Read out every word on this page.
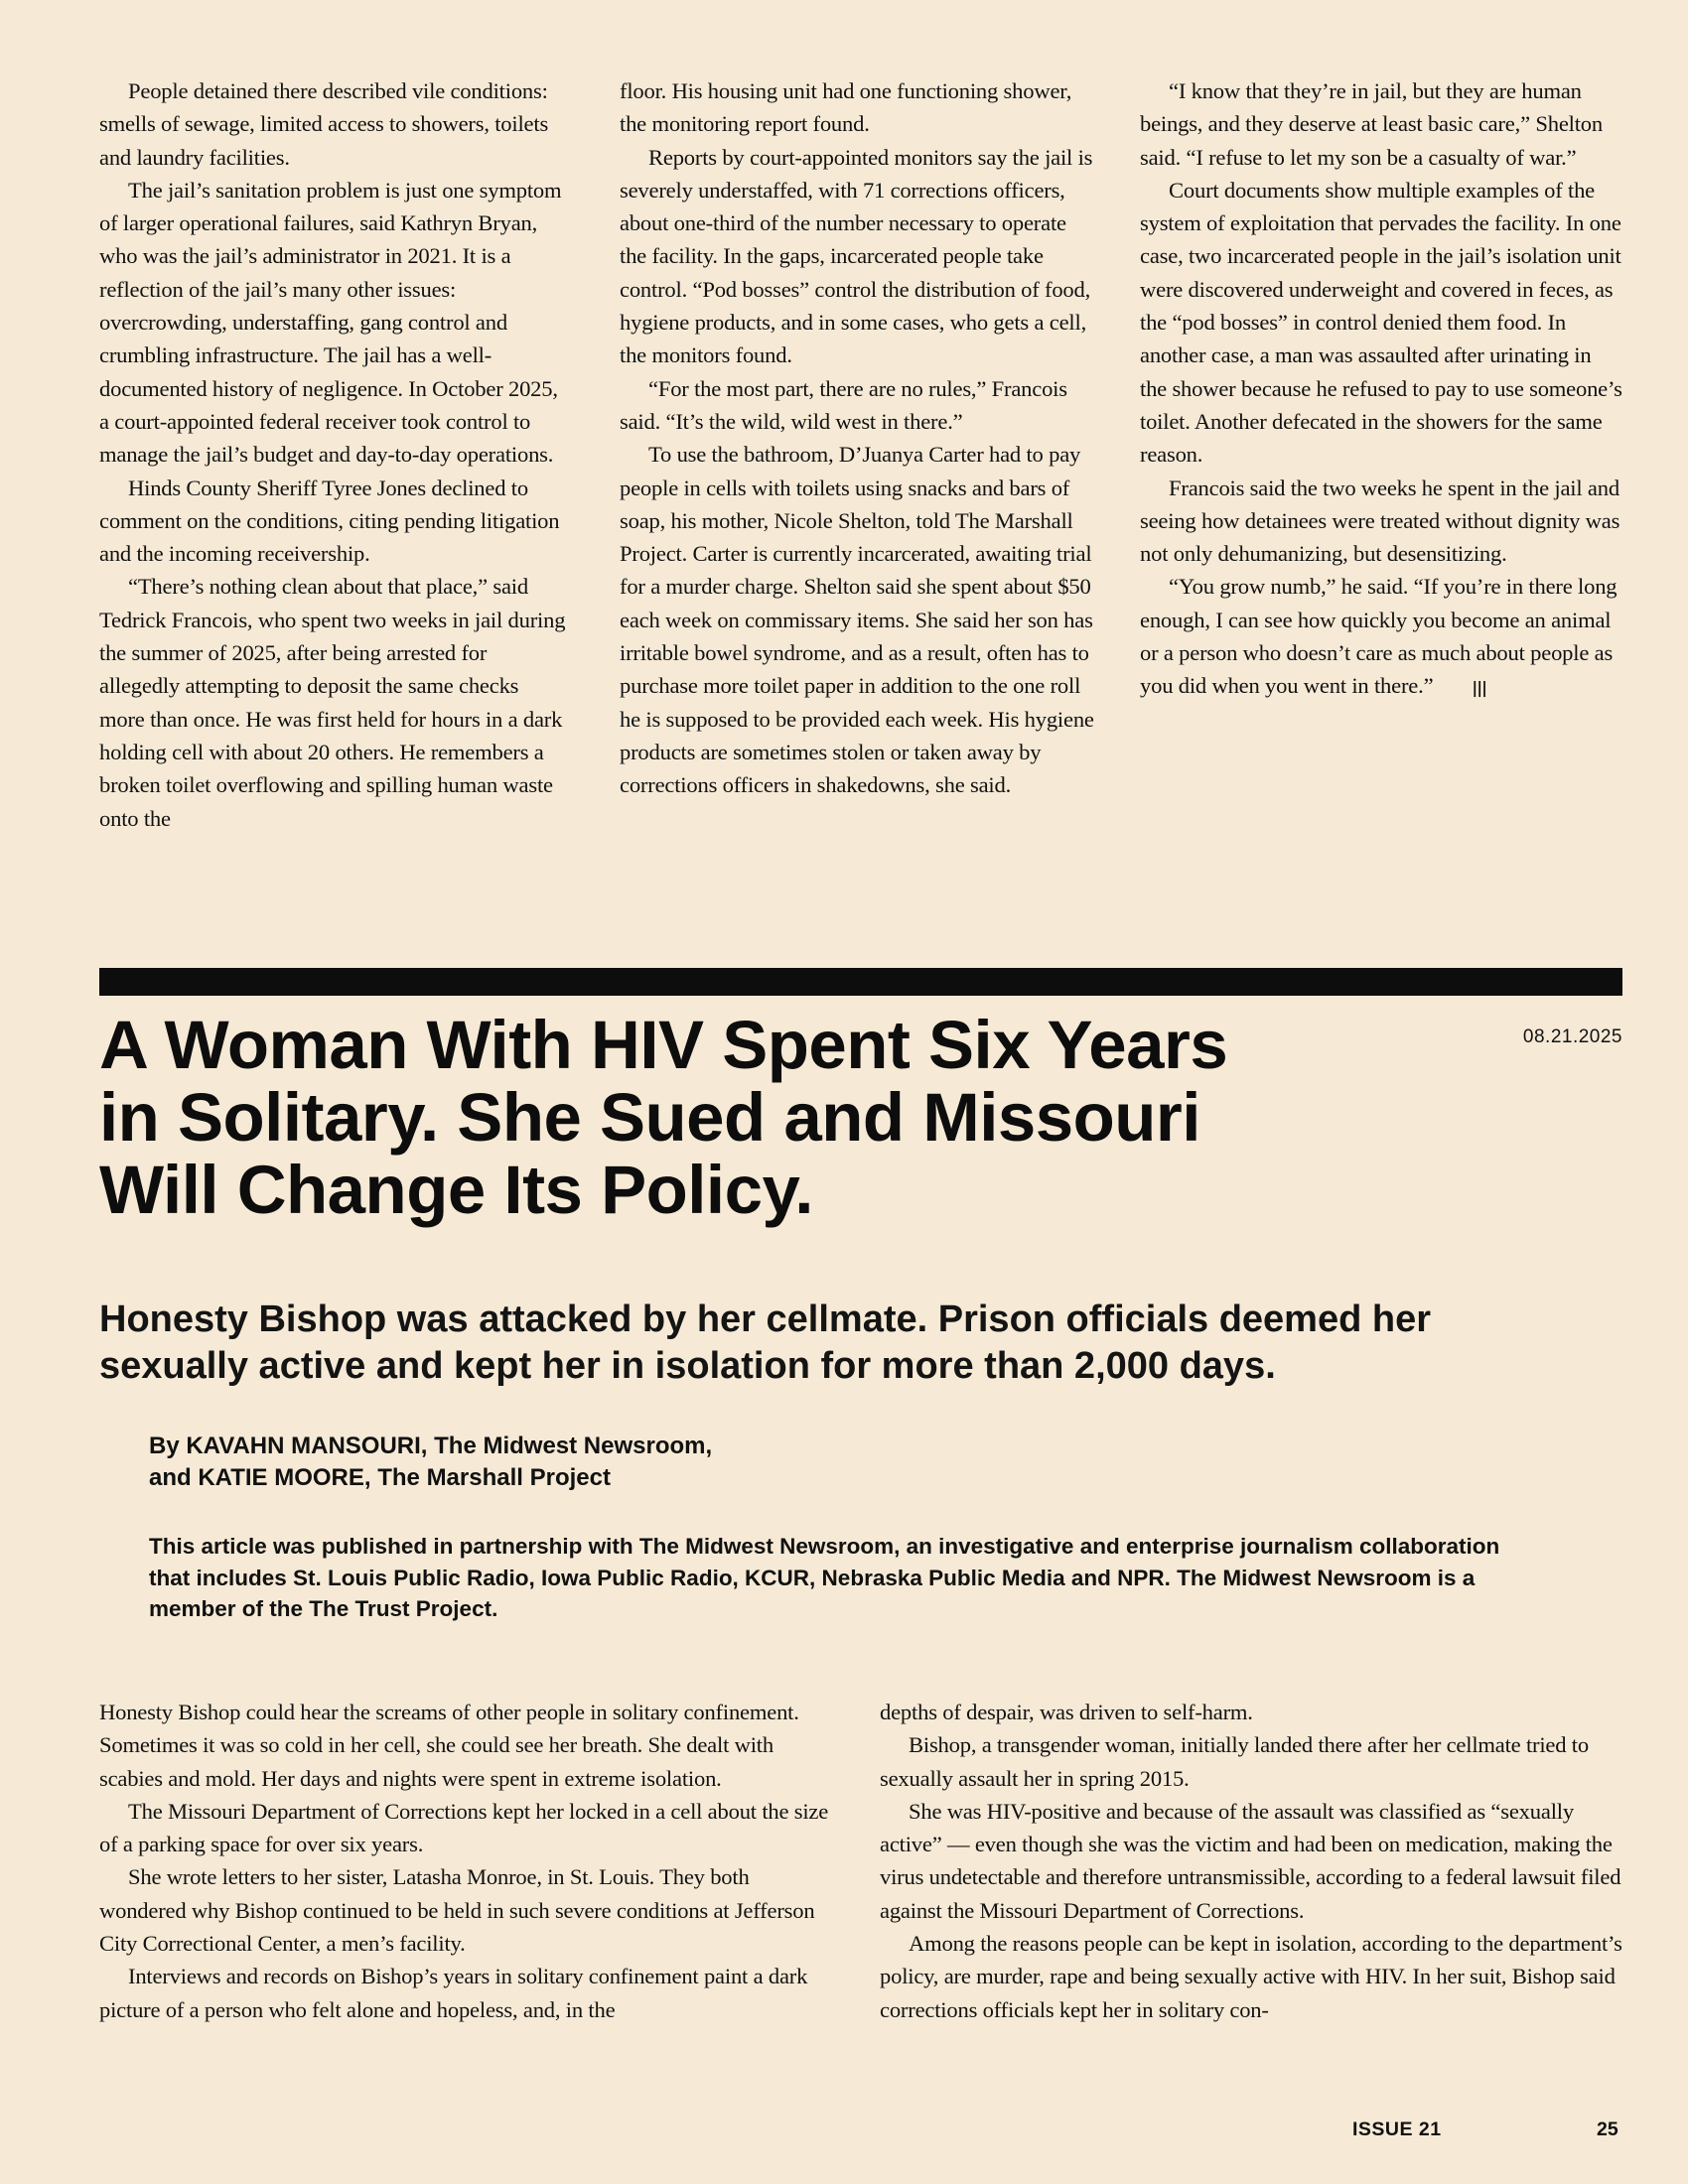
People detained there described vile conditions: smells of sewage, limited access to showers, toilets and laundry facilities.

The jail’s sanitation problem is just one symptom of larger operational failures, said Kathryn Bryan, who was the jail’s administrator in 2021. It is a reflection of the jail’s many other issues: overcrowding, understaffing, gang control and crumbling infrastructure. The jail has a well-documented history of negligence. In October 2025, a court-appointed federal receiver took control to manage the jail’s budget and day-to-day operations.

Hinds County Sheriff Tyree Jones declined to comment on the conditions, citing pending litigation and the incoming receivership.

“There’s nothing clean about that place,” said Tedrick Francois, who spent two weeks in jail during the summer of 2025, after being arrested for allegedly attempting to deposit the same checks more than once. He was first held for hours in a dark holding cell with about 20 others. He remembers a broken toilet overflowing and spilling human waste onto the

floor. His housing unit had one functioning shower, the monitoring report found.

Reports by court-appointed monitors say the jail is severely understaffed, with 71 corrections officers, about one-third of the number necessary to operate the facility. In the gaps, incarcerated people take control. “Pod bosses” control the distribution of food, hygiene products, and in some cases, who gets a cell, the monitors found.

“For the most part, there are no rules,” Francois said. “It’s the wild, wild west in there.”

To use the bathroom, D’Juanya Carter had to pay people in cells with toilets using snacks and bars of soap, his mother, Nicole Shelton, told The Marshall Project. Carter is currently incarcerated, awaiting trial for a murder charge. Shelton said she spent about $50 each week on commissary items. She said her son has irritable bowel syndrome, and as a result, often has to purchase more toilet paper in addition to the one roll he is supposed to be provided each week. His hygiene products are sometimes stolen or taken away by corrections officers in shakedowns, she said.

“I know that they’re in jail, but they are human beings, and they deserve at least basic care,” Shelton said. “I refuse to let my son be a casualty of war.”

Court documents show multiple examples of the system of exploitation that pervades the facility. In one case, two incarcerated people in the jail’s isolation unit were discovered underweight and covered in feces, as the “pod bosses” in control denied them food. In another case, a man was assaulted after urinating in the shower because he refused to pay to use someone’s toilet. Another defecated in the showers for the same reason.

Francois said the two weeks he spent in the jail and seeing how detainees were treated without dignity was not only dehumanizing, but desensitizing.

“You grow numb,” he said. “If you’re in there long enough, I can see how quickly you become an animal or a person who doesn’t care as much about people as you did when you went in there.” |||

A Woman With HIV Spent Six Years
in Solitary. She Sued and Missouri
Will Change Its Policy.
08.21.2025

Honesty Bishop was attacked by her cellmate. Prison officials deemed her sexually active and kept her in isolation for more than 2,000 days.

By KAVAHN MANSOURI, The Midwest Newsroom,
and KATIE MOORE, The Marshall Project

This article was published in partnership with The Midwest Newsroom, an investigative and enterprise journalism collaboration that includes St. Louis Public Radio, Iowa Public Radio, KCUR, Nebraska Public Media and NPR. The Midwest Newsroom is a member of the The Trust Project.

Honesty Bishop could hear the screams of other people in solitary confinement. Sometimes it was so cold in her cell, she could see her breath. She dealt with scabies and mold. Her days and nights were spent in extreme isolation.

The Missouri Department of Corrections kept her locked in a cell about the size of a parking space for over six years.

She wrote letters to her sister, Latasha Monroe, in St. Louis. They both wondered why Bishop continued to be held in such severe conditions at Jefferson City Correctional Center, a men’s facility.

Interviews and records on Bishop’s years in solitary confinement paint a dark picture of a person who felt alone and hopeless, and, in the

depths of despair, was driven to self-harm.

Bishop, a transgender woman, initially landed there after her cellmate tried to sexually assault her in spring 2015.

She was HIV-positive and because of the assault was classified as “sexually active” — even though she was the victim and had been on medication, making the virus undetectable and therefore untransmissible, according to a federal lawsuit filed against the Missouri Department of Corrections.

Among the reasons people can be kept in isolation, according to the department’s policy, are murder, rape and being sexually active with HIV. In her suit, Bishop said corrections officials kept her in solitary con-

ISSUE 21	25
